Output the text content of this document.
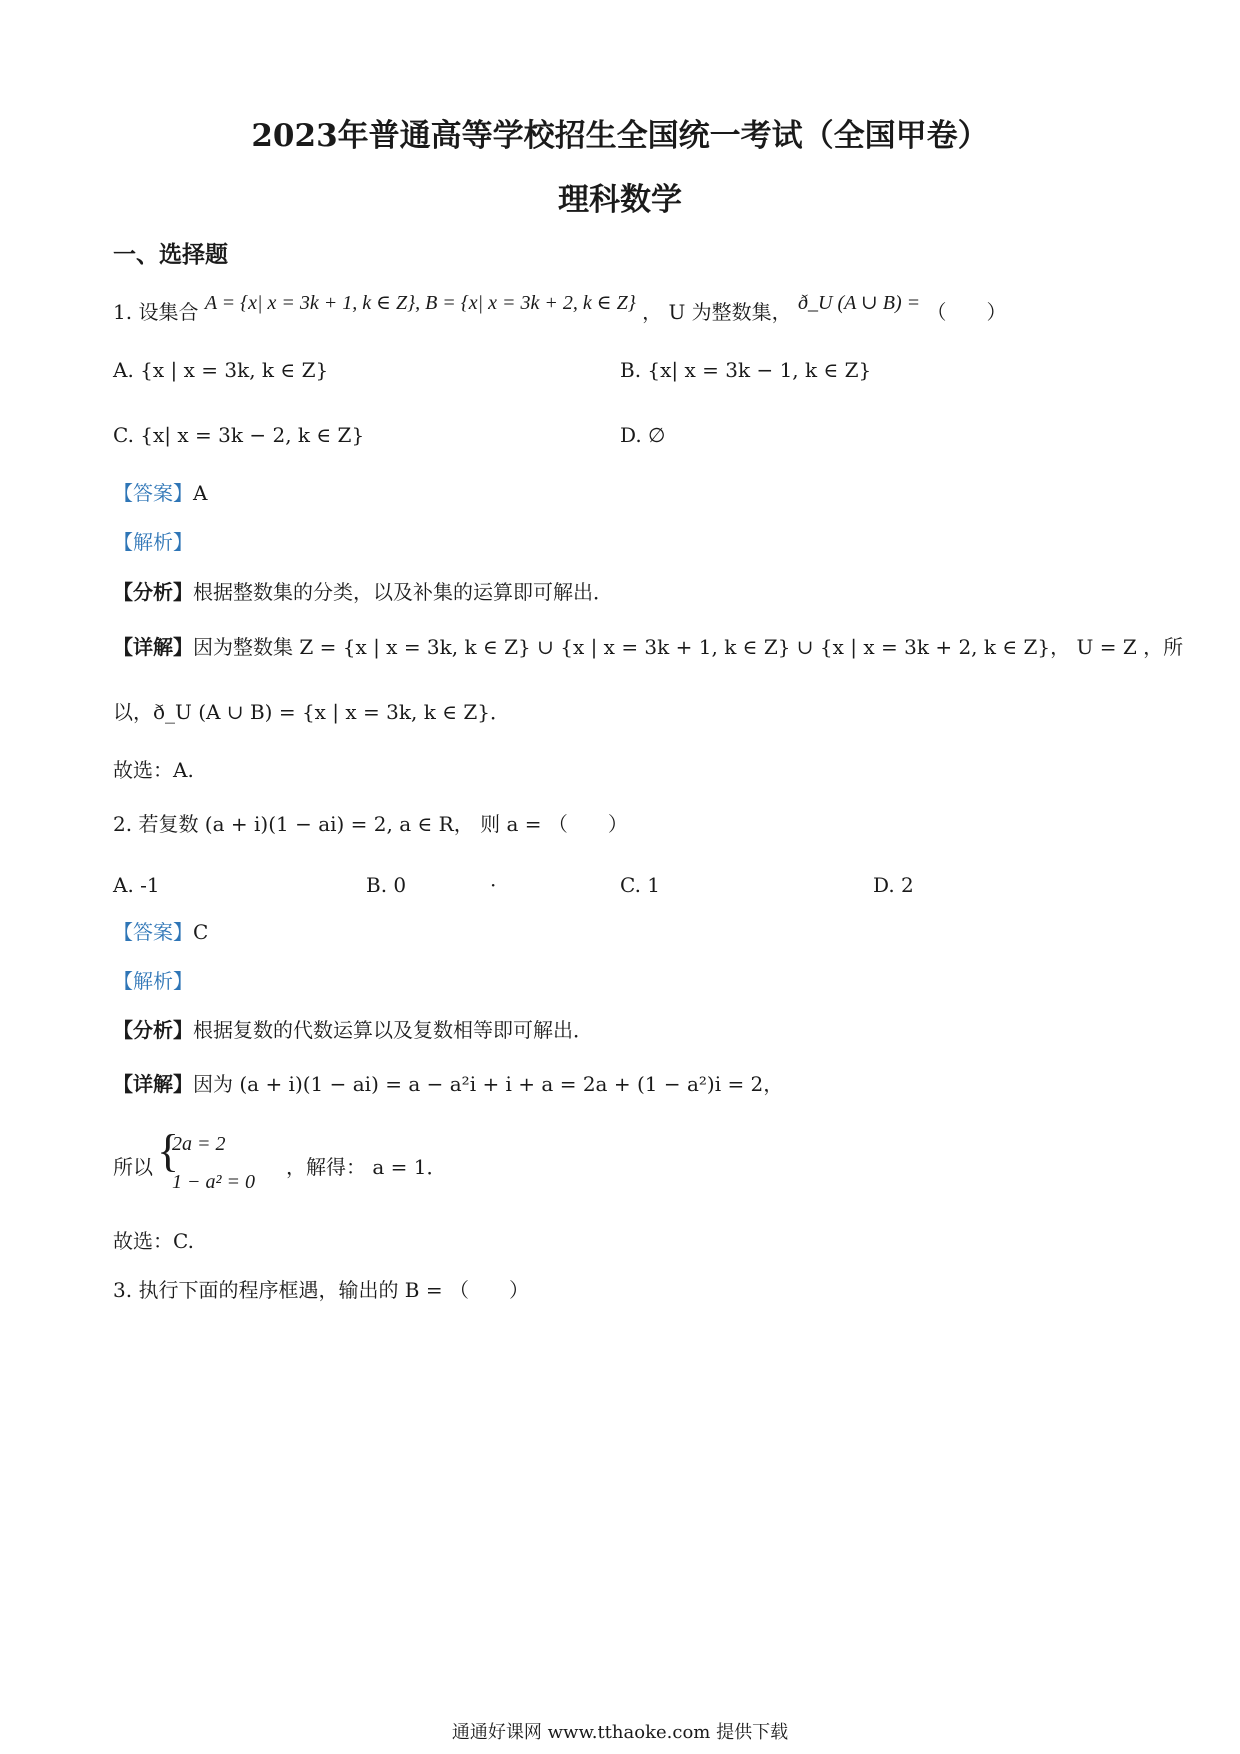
2023年普通高等学校招生全国统一考试（全国甲卷）
理科数学
一、选择题
1. 设集合 A = {x| x = 3k + 1, k ∈ Z}, B = {x| x = 3k + 2, k ∈ Z} ， U 为整数集， ð_U (A ∪ B) = （　　）
A. {x | x = 3k, k ∈ Z}	B. {x| x = 3k − 1, k ∈ Z}
C. {x| x = 3k − 2, k ∈ Z}	D. ∅
【答案】A
【解析】
【分析】根据整数集的分类，以及补集的运算即可解出．
【详解】因为整数集 Z = {x | x = 3k, k ∈ Z} ∪ {x | x = 3k + 1, k ∈ Z} ∪ {x | x = 3k + 2, k ∈ Z}， U = Z ，所
以，ð_U (A ∪ B) = {x | x = 3k, k ∈ Z}．
故选：A.
2. 若复数 (a + i)(1 − ai) = 2, a ∈ R， 则 a = （　　）
A. -1	B. 0	·	C. 1	D. 2
【答案】C
【解析】
【分析】根据复数的代数运算以及复数相等即可解出．
【详解】因为 (a + i)(1 − ai) = a − a²i + i + a = 2a + (1 − a²)i = 2，
所以 {
2a = 2
1 − a² = 0
，解得： a = 1．
故选：C.
3. 执行下面的程序框遇，输出的 B = （　　）
通通好课网 www.tthaoke.com 提供下载
